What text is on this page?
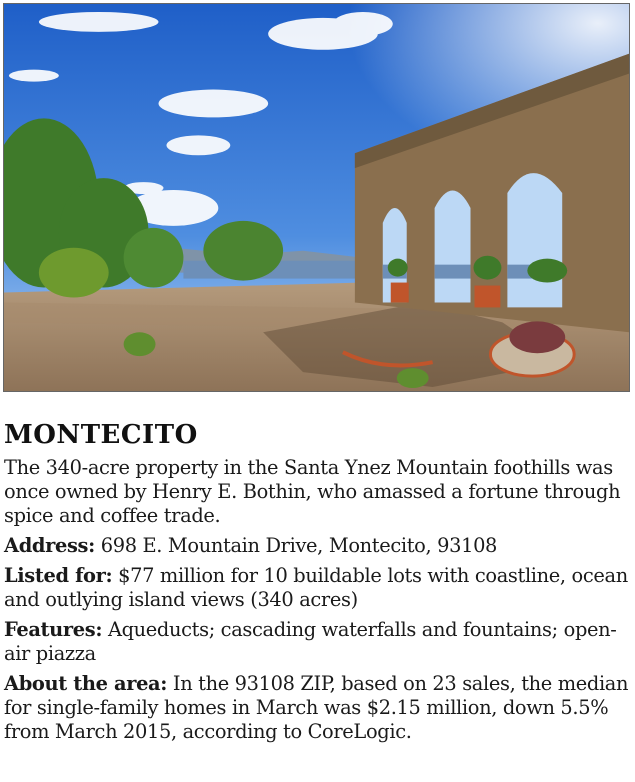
MONTECITO

The 340-acre property in the Santa Ynez Mountain foothills was once owned by Henry E. Bothin, who amassed a fortune through spice and coffee trade.

Address: 698 E. Mountain Drive, Montecito, 93108

Listed for: $77 million for 10 buildable lots with coastline, ocean and outlying island views (340 acres)

Features: Aqueducts; cascading waterfalls and fountains; open-air piazza

About the area: In the 93108 ZIP, based on 23 sales, the median for single-family homes in March was $2.15 million, down 5.5% from March 2015, according to CoreLogic.
